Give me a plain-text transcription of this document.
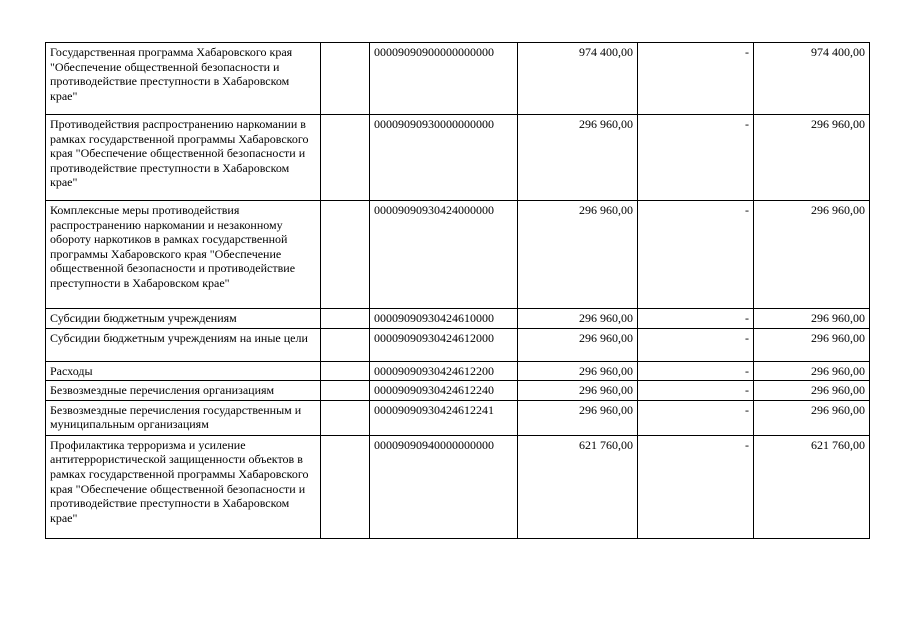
Государственная программа Хабаровского края "Обеспечение общественной безопасности и противодействие преступности в Хабаровском крае"		00009090900000000000	974 400,00	-	974 400,00
Противодействия распространению наркомании в рамках государственной программы Хабаровского края "Обеспечение общественной безопасности и противодействие преступности в Хабаровском крае"		00009090930000000000	296 960,00	-	296 960,00
Комплексные меры противодействия распространению наркомании и незаконному обороту наркотиков в рамках государственной программы Хабаровского края "Обеспечение общественной безопасности и противодействие преступности в Хабаровском крае"		00009090930424000000	296 960,00	-	296 960,00
Субсидии бюджетным учреждениям		00009090930424610000	296 960,00	-	296 960,00
Субсидии бюджетным учреждениям на иные цели		00009090930424612000	296 960,00	-	296 960,00
Расходы		00009090930424612200	296 960,00	-	296 960,00
Безвозмездные перечисления организациям		00009090930424612240	296 960,00	-	296 960,00
Безвозмездные перечисления государственным и муниципальным организациям		00009090930424612241	296 960,00	-	296 960,00
Профилактика терроризма и усиление антитеррористической защищенности объектов в рамках государственной программы Хабаровского края "Обеспечение общественной безопасности и противодействие преступности в Хабаровском крае"		00009090940000000000	621 760,00	-	621 760,00
